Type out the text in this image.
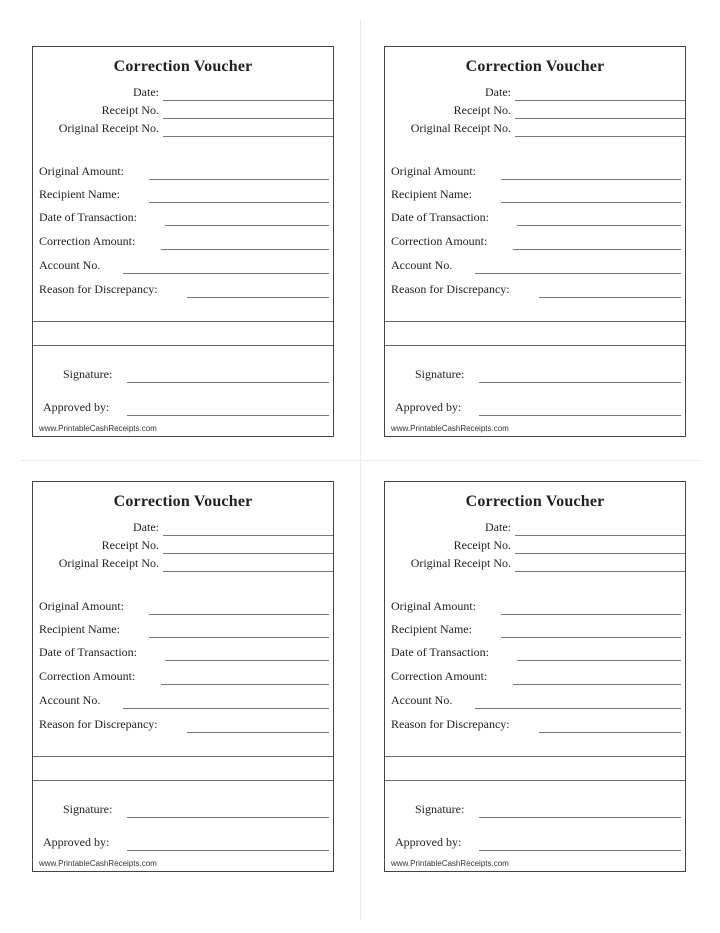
Correction Voucher
Date:
Receipt No.
Original Receipt No.
Original Amount:
Recipient Name:
Date of Transaction:
Correction Amount:
Account No.
Reason for Discrepancy:
Signature:
Approved by:
www.PrintableCashReceipts.com
Correction Voucher
Date:
Receipt No.
Original Receipt No.
Original Amount:
Recipient Name:
Date of Transaction:
Correction Amount:
Account No.
Reason for Discrepancy:
Signature:
Approved by:
www.PrintableCashReceipts.com
Correction Voucher
Date:
Receipt No.
Original Receipt No.
Original Amount:
Recipient Name:
Date of Transaction:
Correction Amount:
Account No.
Reason for Discrepancy:
Signature:
Approved by:
www.PrintableCashReceipts.com
Correction Voucher
Date:
Receipt No.
Original Receipt No.
Original Amount:
Recipient Name:
Date of Transaction:
Correction Amount:
Account No.
Reason for Discrepancy:
Signature:
Approved by:
www.PrintableCashReceipts.com
